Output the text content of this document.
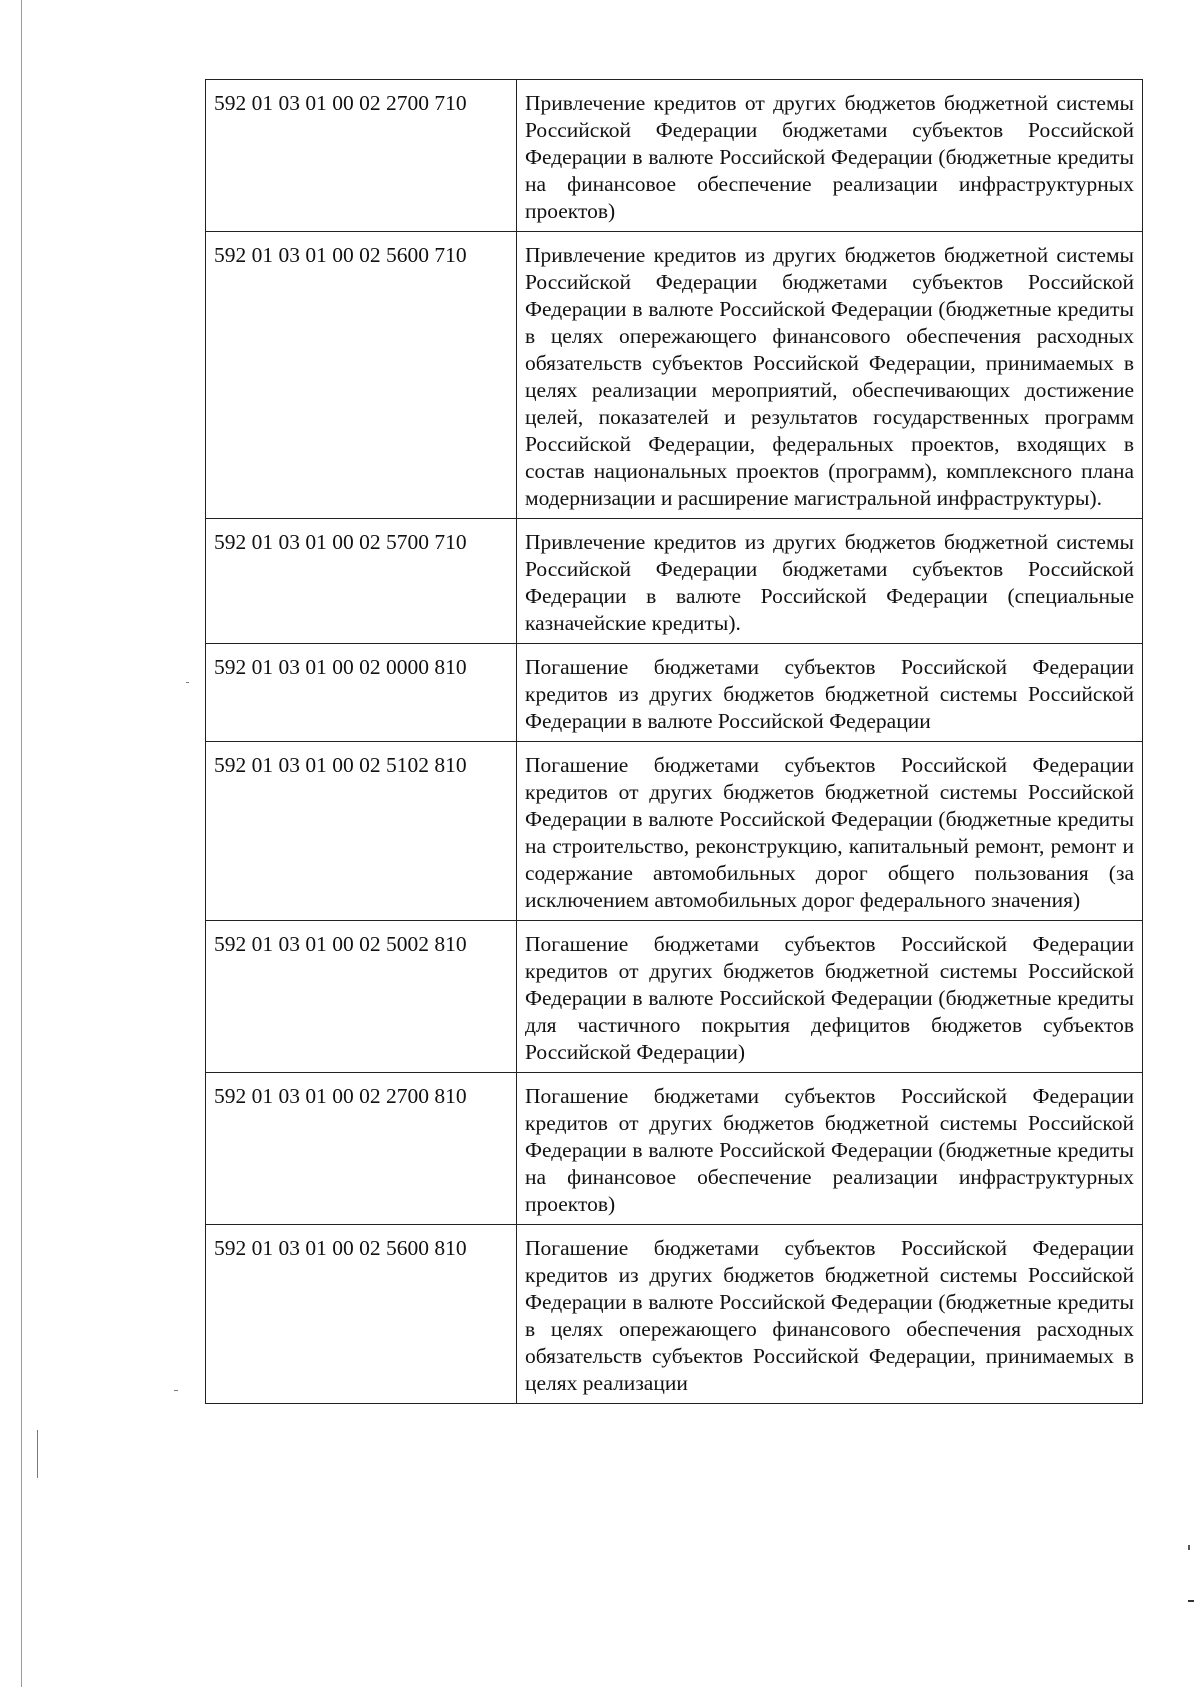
592 01 03 01 00 02 2700 710	Привлечение кредитов от других бюджетов бюджетной системы Российской Федерации бюджетами субъектов Российской Федерации в валюте Российской Федерации (бюджетные кредиты на финансовое обеспечение реализации инфраструктурных проектов)
592 01 03 01 00 02 5600 710	Привлечение кредитов из других бюджетов бюджетной системы Российской Федерации бюджетами субъектов Российской Федерации в валюте Российской Федерации (бюджетные кредиты в целях опережающего финансового обеспечения расходных обязательств субъектов Российской Федерации, принимаемых в целях реализации мероприятий, обеспечивающих достижение целей, показателей и результатов государственных программ Российской Федерации, федеральных проектов, входящих в состав национальных проектов (программ), комплексного плана модернизации и расширение магистральной инфраструктуры).
592 01 03 01 00 02 5700 710	Привлечение кредитов из других бюджетов бюджетной системы Российской Федерации бюджетами субъектов Российской Федерации в валюте Российской Федерации (специальные казначейские кредиты).
592 01 03 01 00 02 0000 810	Погашение бюджетами субъектов Российской Федерации кредитов из других бюджетов бюджетной системы Российской Федерации в валюте Российской Федерации
592 01 03 01 00 02 5102 810	Погашение бюджетами субъектов Российской Федерации кредитов от других бюджетов бюджетной системы Российской Федерации в валюте Российской Федерации (бюджетные кредиты на строительство, реконструкцию, капитальный ремонт, ремонт и содержание автомобильных дорог общего пользования (за исключением автомобильных дорог федерального значения)
592 01 03 01 00 02 5002 810	Погашение бюджетами субъектов Российской Федерации кредитов от других бюджетов бюджетной системы Российской Федерации в валюте Российской Федерации (бюджетные кредиты для частичного покрытия дефицитов бюджетов субъектов Российской Федерации)
592 01 03 01 00 02 2700 810	Погашение бюджетами субъектов Российской Федерации кредитов от других бюджетов бюджетной системы Российской Федерации в валюте Российской Федерации (бюджетные кредиты на финансовое обеспечение реализации инфраструктурных проектов)
592 01 03 01 00 02 5600 810	Погашение бюджетами субъектов Российской Федерации кредитов из других бюджетов бюджетной системы Российской Федерации в валюте Российской Федерации (бюджетные кредиты в целях опережающего финансового обеспечения расходных обязательств субъектов Российской Федерации, принимаемых в целях реализации
